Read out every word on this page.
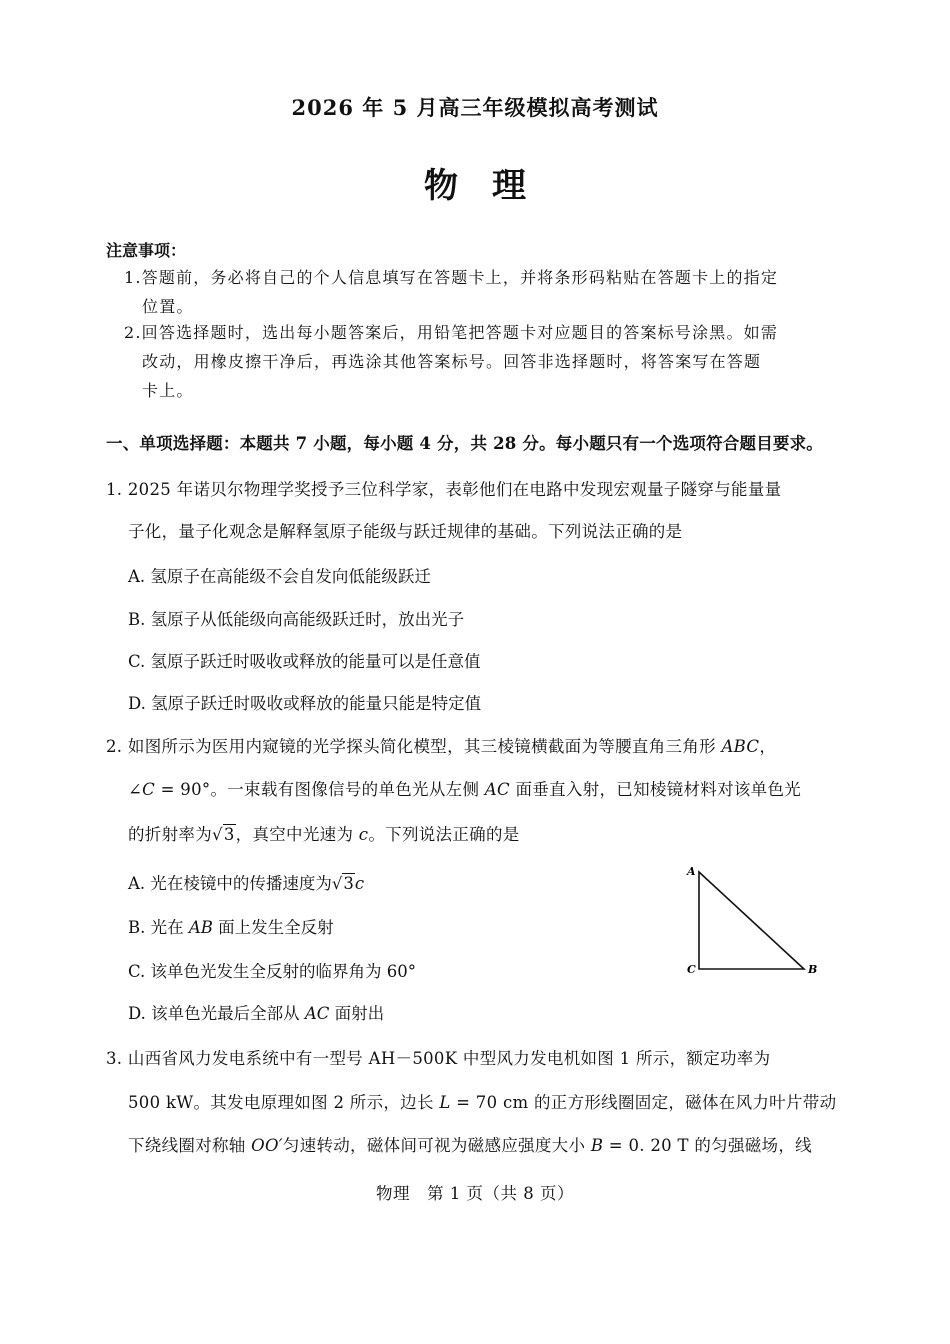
2026 年 5 月高三年级模拟高考测试
物理
注意事项：
1.答题前，务必将自己的个人信息填写在答题卡上，并将条形码粘贴在答题卡上的指定
位置。
2.回答选择题时，选出每小题答案后，用铅笔把答题卡对应题目的答案标号涂黑。如需
改动，用橡皮擦干净后，再选涂其他答案标号。回答非选择题时，将答案写在答题
卡上。
一、单项选择题：本题共 7 小题，每小题 4 分，共 28 分。每小题只有一个选项符合题目要求。
1. 2025 年诺贝尔物理学奖授予三位科学家，表彰他们在电路中发现宏观量子隧穿与能量量
子化，量子化观念是解释氢原子能级与跃迁规律的基础。下列说法正确的是
A. 氢原子在高能级不会自发向低能级跃迁
B. 氢原子从低能级向高能级跃迁时，放出光子
C. 氢原子跃迁时吸收或释放的能量可以是任意值
D. 氢原子跃迁时吸收或释放的能量只能是特定值
2. 如图所示为医用内窥镜的光学探头简化模型，其三棱镜横截面为等腰直角三角形 ABC，
∠C = 90°。一束载有图像信号的单色光从左侧 AC 面垂直入射，已知棱镜材料对该单色光
的折射率为√3，真空中光速为 c。下列说法正确的是
A. 光在棱镜中的传播速度为√3c
B. 光在 AB 面上发生全反射
C. 该单色光发生全反射的临界角为 60°
D. 该单色光最后全部从 AC 面射出
A
C	B
3. 山西省风力发电系统中有一型号 AH－500K 中型风力发电机如图 1 所示，额定功率为
500 kW。其发电原理如图 2 所示，边长 L = 70 cm 的正方形线圈固定，磁体在风力叶片带动
下绕线圈对称轴 OO′匀速转动，磁体间可视为磁感应强度大小 B = 0. 20 T 的匀强磁场，线
物理　第 1 页（共 8 页）
